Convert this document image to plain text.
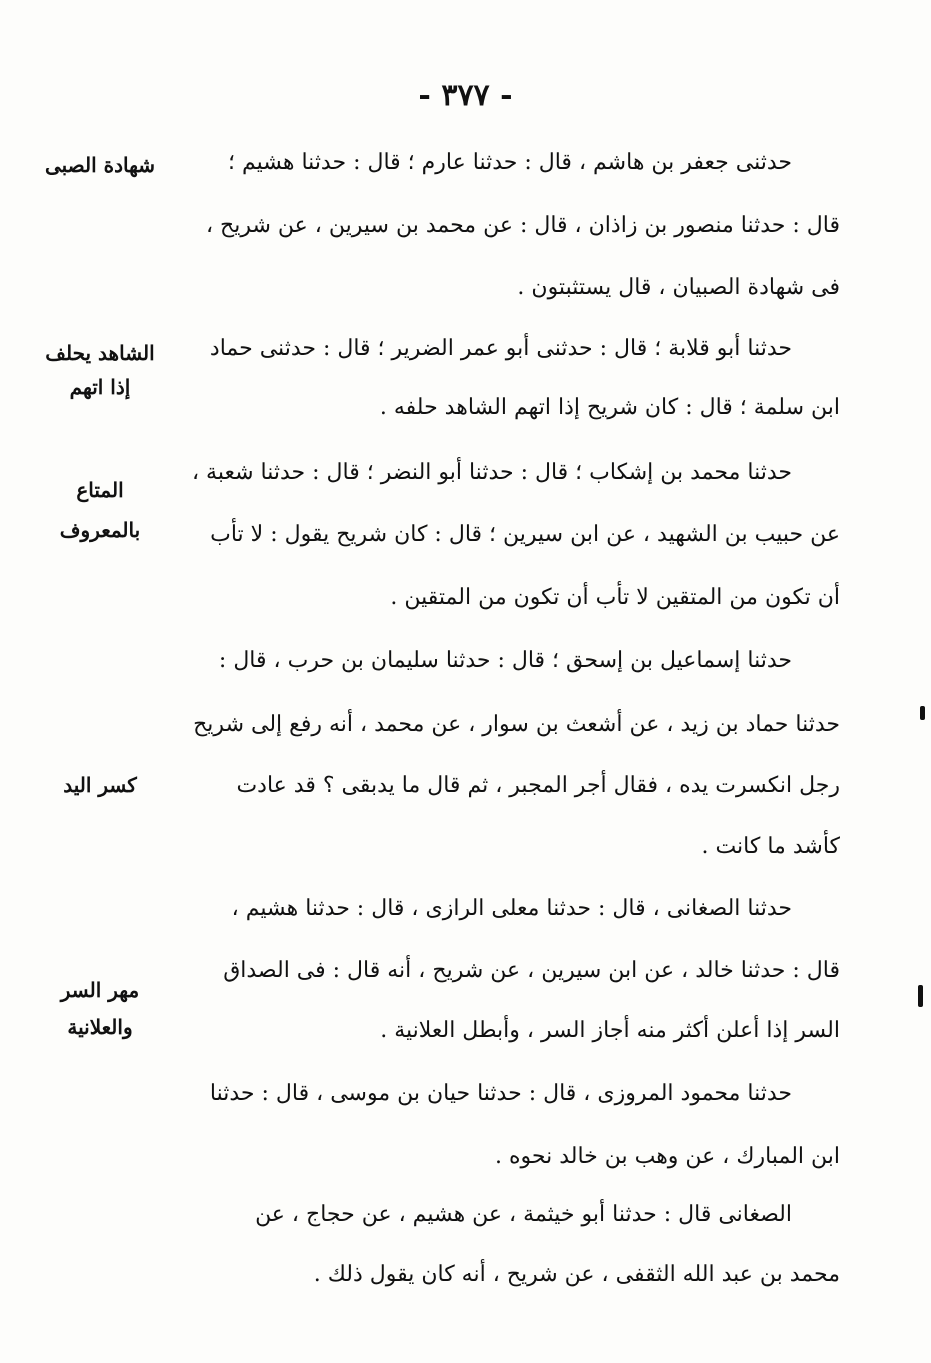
- ٣٧٧ -
حدثنى جعفر بن هاشم ، قال : حدثنا عارم ؛ قال : حدثنا هشيم ؛
قال : حدثنا منصور بن زاذان ، قال : عن محمد بن سيرين ، عن شريح ،
فى شهادة الصبيان ، قال يستثبتون .
حدثنا أبو قلابة ؛ قال : حدثنى أبو عمر الضرير ؛ قال : حدثنى حماد
ابن سلمة ؛ قال : كان شريح إذا اتهم الشاهد حلفه .
حدثنا محمد بن إشكاب ؛ قال : حدثنا أبو النضر ؛ قال : حدثنا شعبة ،
عن حبيب بن الشهيد ، عن ابن سيرين ؛ قال : كان شريح يقول : لا تأب
أن تكون من المتقين لا تأب أن تكون من المتقين .
حدثنا إسماعيل بن إسحق ؛ قال : حدثنا سليمان بن حرب ، قال :
حدثنا حماد بن زيد ، عن أشعث بن سوار ، عن محمد ، أنه رفع إلى شريح
رجل انكسرت يده ، فقال أجر المجبر ، ثم قال ما يدبقى ؟ قد عادت
كأشد ما كانت .
حدثنا الصغانى ، قال : حدثنا معلى الرازى ، قال : حدثنا هشيم ،
قال : حدثنا خالد ، عن ابن سيرين ، عن شريح ، أنه قال : فى الصداق
السر إذا أعلن أكثر منه أجاز السر ، وأبطل العلانية .
حدثنا محمود المروزى ، قال : حدثنا حيان بن موسى ، قال : حدثنا
ابن المبارك ، عن وهب بن خالد نحوه .
الصغانى قال : حدثنا أبو خيثمة ، عن هشيم ، عن حجاج ، عن
محمد بن عبد الله الثقفى ، عن شريح ، أنه كان يقول ذلك .
شهادة الصبى
الشاهد يحلف
إذا اتهم
المتاع
بالمعروف
كسر اليد
مهر السر
والعلانية
